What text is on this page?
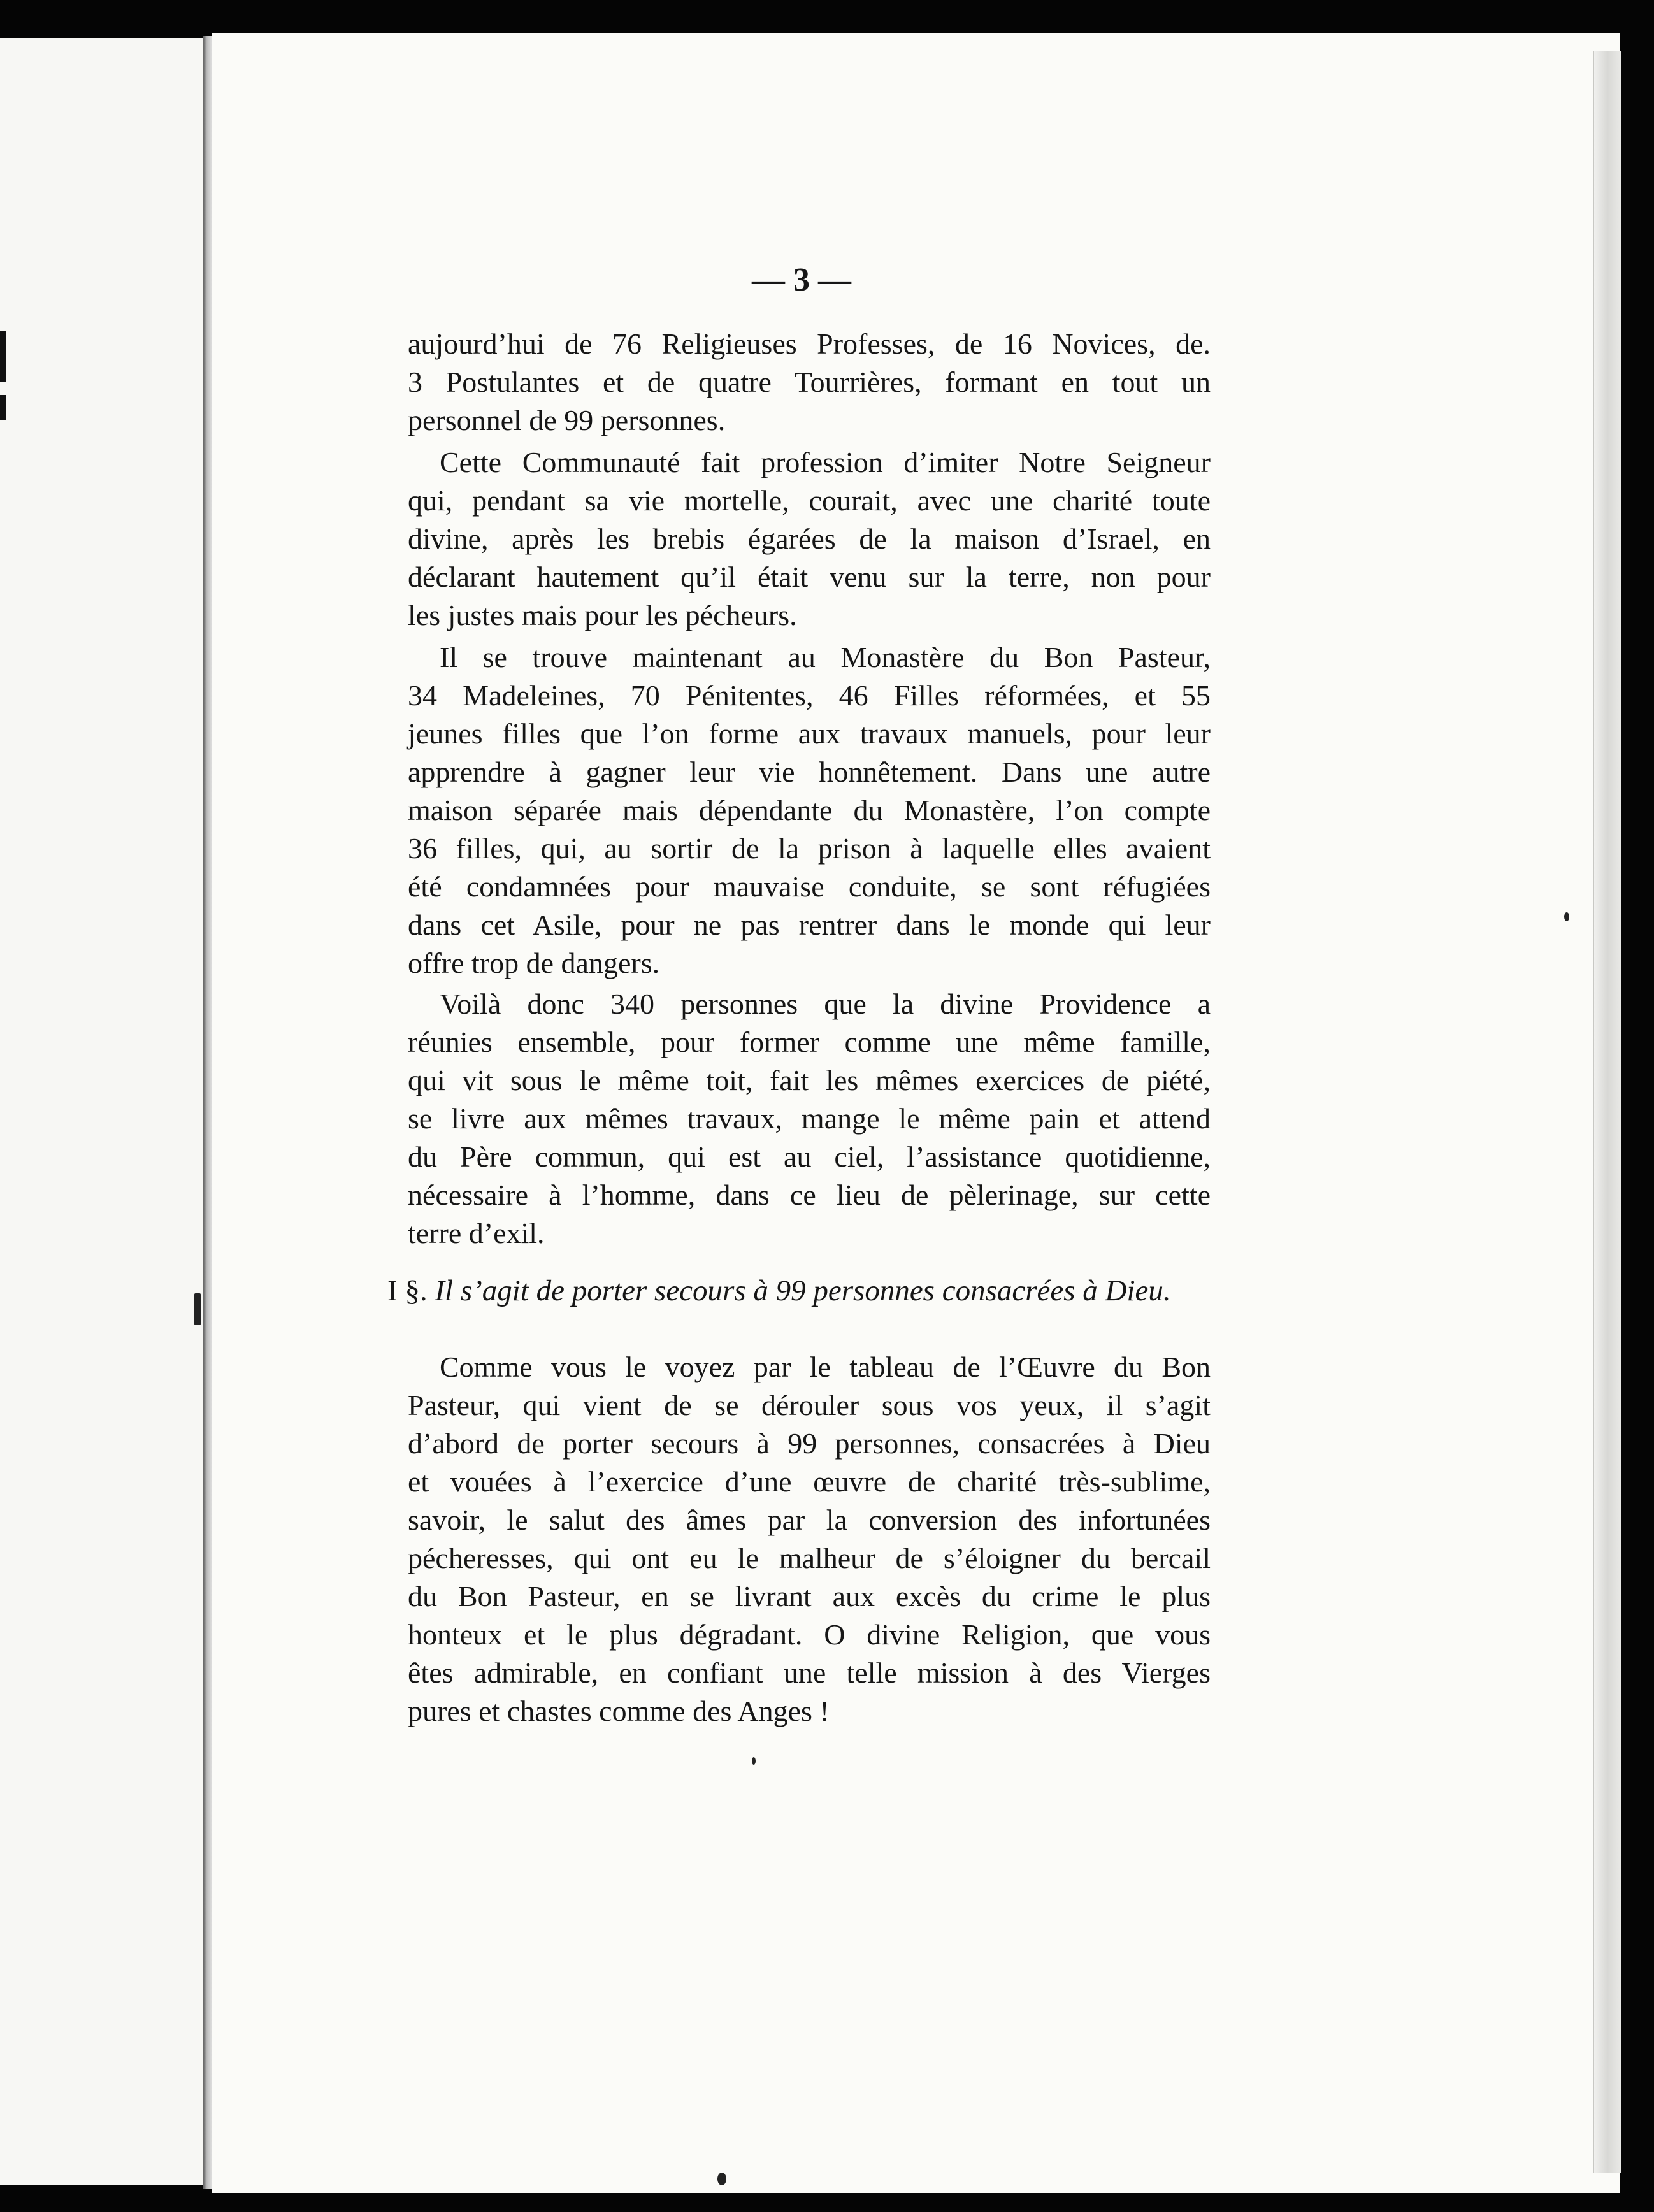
— 3 —
aujourd’hui de 76 Religieuses Professes, de 16 Novices, de.
3 Postulantes et de quatre Tourrières, formant en tout un
personnel de 99 personnes.
Cette Communauté fait profession d’imiter Notre Seigneur
qui, pendant sa vie mortelle, courait, avec une charité toute
divine, après les brebis égarées de la maison d’Israel, en
déclarant hautement qu’il était venu sur la terre, non pour
les justes mais pour les pécheurs.
Il se trouve maintenant au Monastère du Bon Pasteur,
34 Madeleines, 70 Pénitentes, 46 Filles réformées, et 55
jeunes filles que l’on forme aux travaux manuels, pour leur
apprendre à gagner leur vie honnêtement. Dans une autre
maison séparée mais dépendante du Monastère, l’on compte
36 filles, qui, au sortir de la prison à laquelle elles avaient
été condamnées pour mauvaise conduite, se sont réfugiées
dans cet Asile, pour ne pas rentrer dans le monde qui leur
offre trop de dangers.
Voilà donc 340 personnes que la divine Providence a
réunies ensemble, pour former comme une même famille,
qui vit sous le même toit, fait les mêmes exercices de piété,
se livre aux mêmes travaux, mange le même pain et attend
du Père commun, qui est au ciel, l’assistance quotidienne,
nécessaire à l’homme, dans ce lieu de pèlerinage, sur cette
terre d’exil.
I §. Il s’agit de porter secours à 99 personnes consacrées à Dieu.
Comme vous le voyez par le tableau de l’Œuvre du Bon
Pasteur, qui vient de se dérouler sous vos yeux, il s’agit
d’abord de porter secours à 99 personnes, consacrées à Dieu
et vouées à l’exercice d’une œuvre de charité très-sublime,
savoir, le salut des âmes par la conversion des infortunées
pécheresses, qui ont eu le malheur de s’éloigner du bercail
du Bon Pasteur, en se livrant aux excès du crime le plus
honteux et le plus dégradant. O divine Religion, que vous
êtes admirable, en confiant une telle mission à des Vierges
pures et chastes comme des Anges !
